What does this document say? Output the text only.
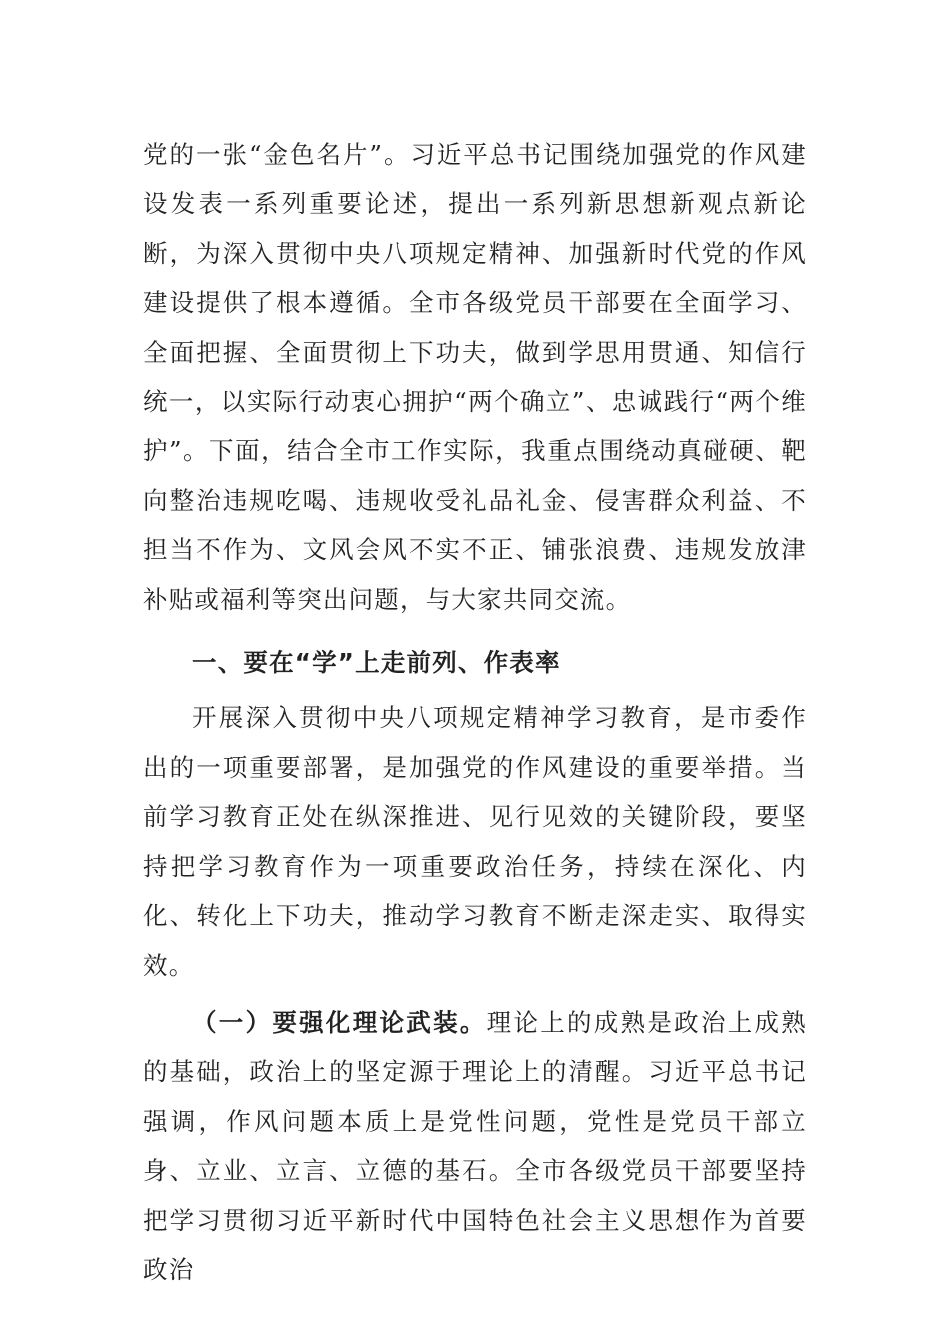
党的一张“金色名片”。习近平总书记围绕加强党的作风建设发表一系列重要论述，提出一系列新思想新观点新论断，为深入贯彻中央八项规定精神、加强新时代党的作风建设提供了根本遵循。全市各级党员干部要在全面学习、全面把握、全面贯彻上下功夫，做到学思用贯通、知信行统一，以实际行动衷心拥护“两个确立”、忠诚践行“两个维护”。下面，结合全市工作实际，我重点围绕动真碰硬、靶向整治违规吃喝、违规收受礼品礼金、侵害群众利益、不担当不作为、文风会风不实不正、铺张浪费、违规发放津补贴或福利等突出问题，与大家共同交流。

一、要在“学”上走前列、作表率

开展深入贯彻中央八项规定精神学习教育，是市委作出的一项重要部署，是加强党的作风建设的重要举措。当前学习教育正处在纵深推进、见行见效的关键阶段，要坚持把学习教育作为一项重要政治任务，持续在深化、内化、转化上下功夫，推动学习教育不断走深走实、取得实效。

（一）要强化理论武装。理论上的成熟是政治上成熟的基础，政治上的坚定源于理论上的清醒。习近平总书记强调，作风问题本质上是党性问题，党性是党员干部立身、立业、立言、立德的基石。全市各级党员干部要坚持把学习贯彻习近平新时代中国特色社会主义思想作为首要政治
